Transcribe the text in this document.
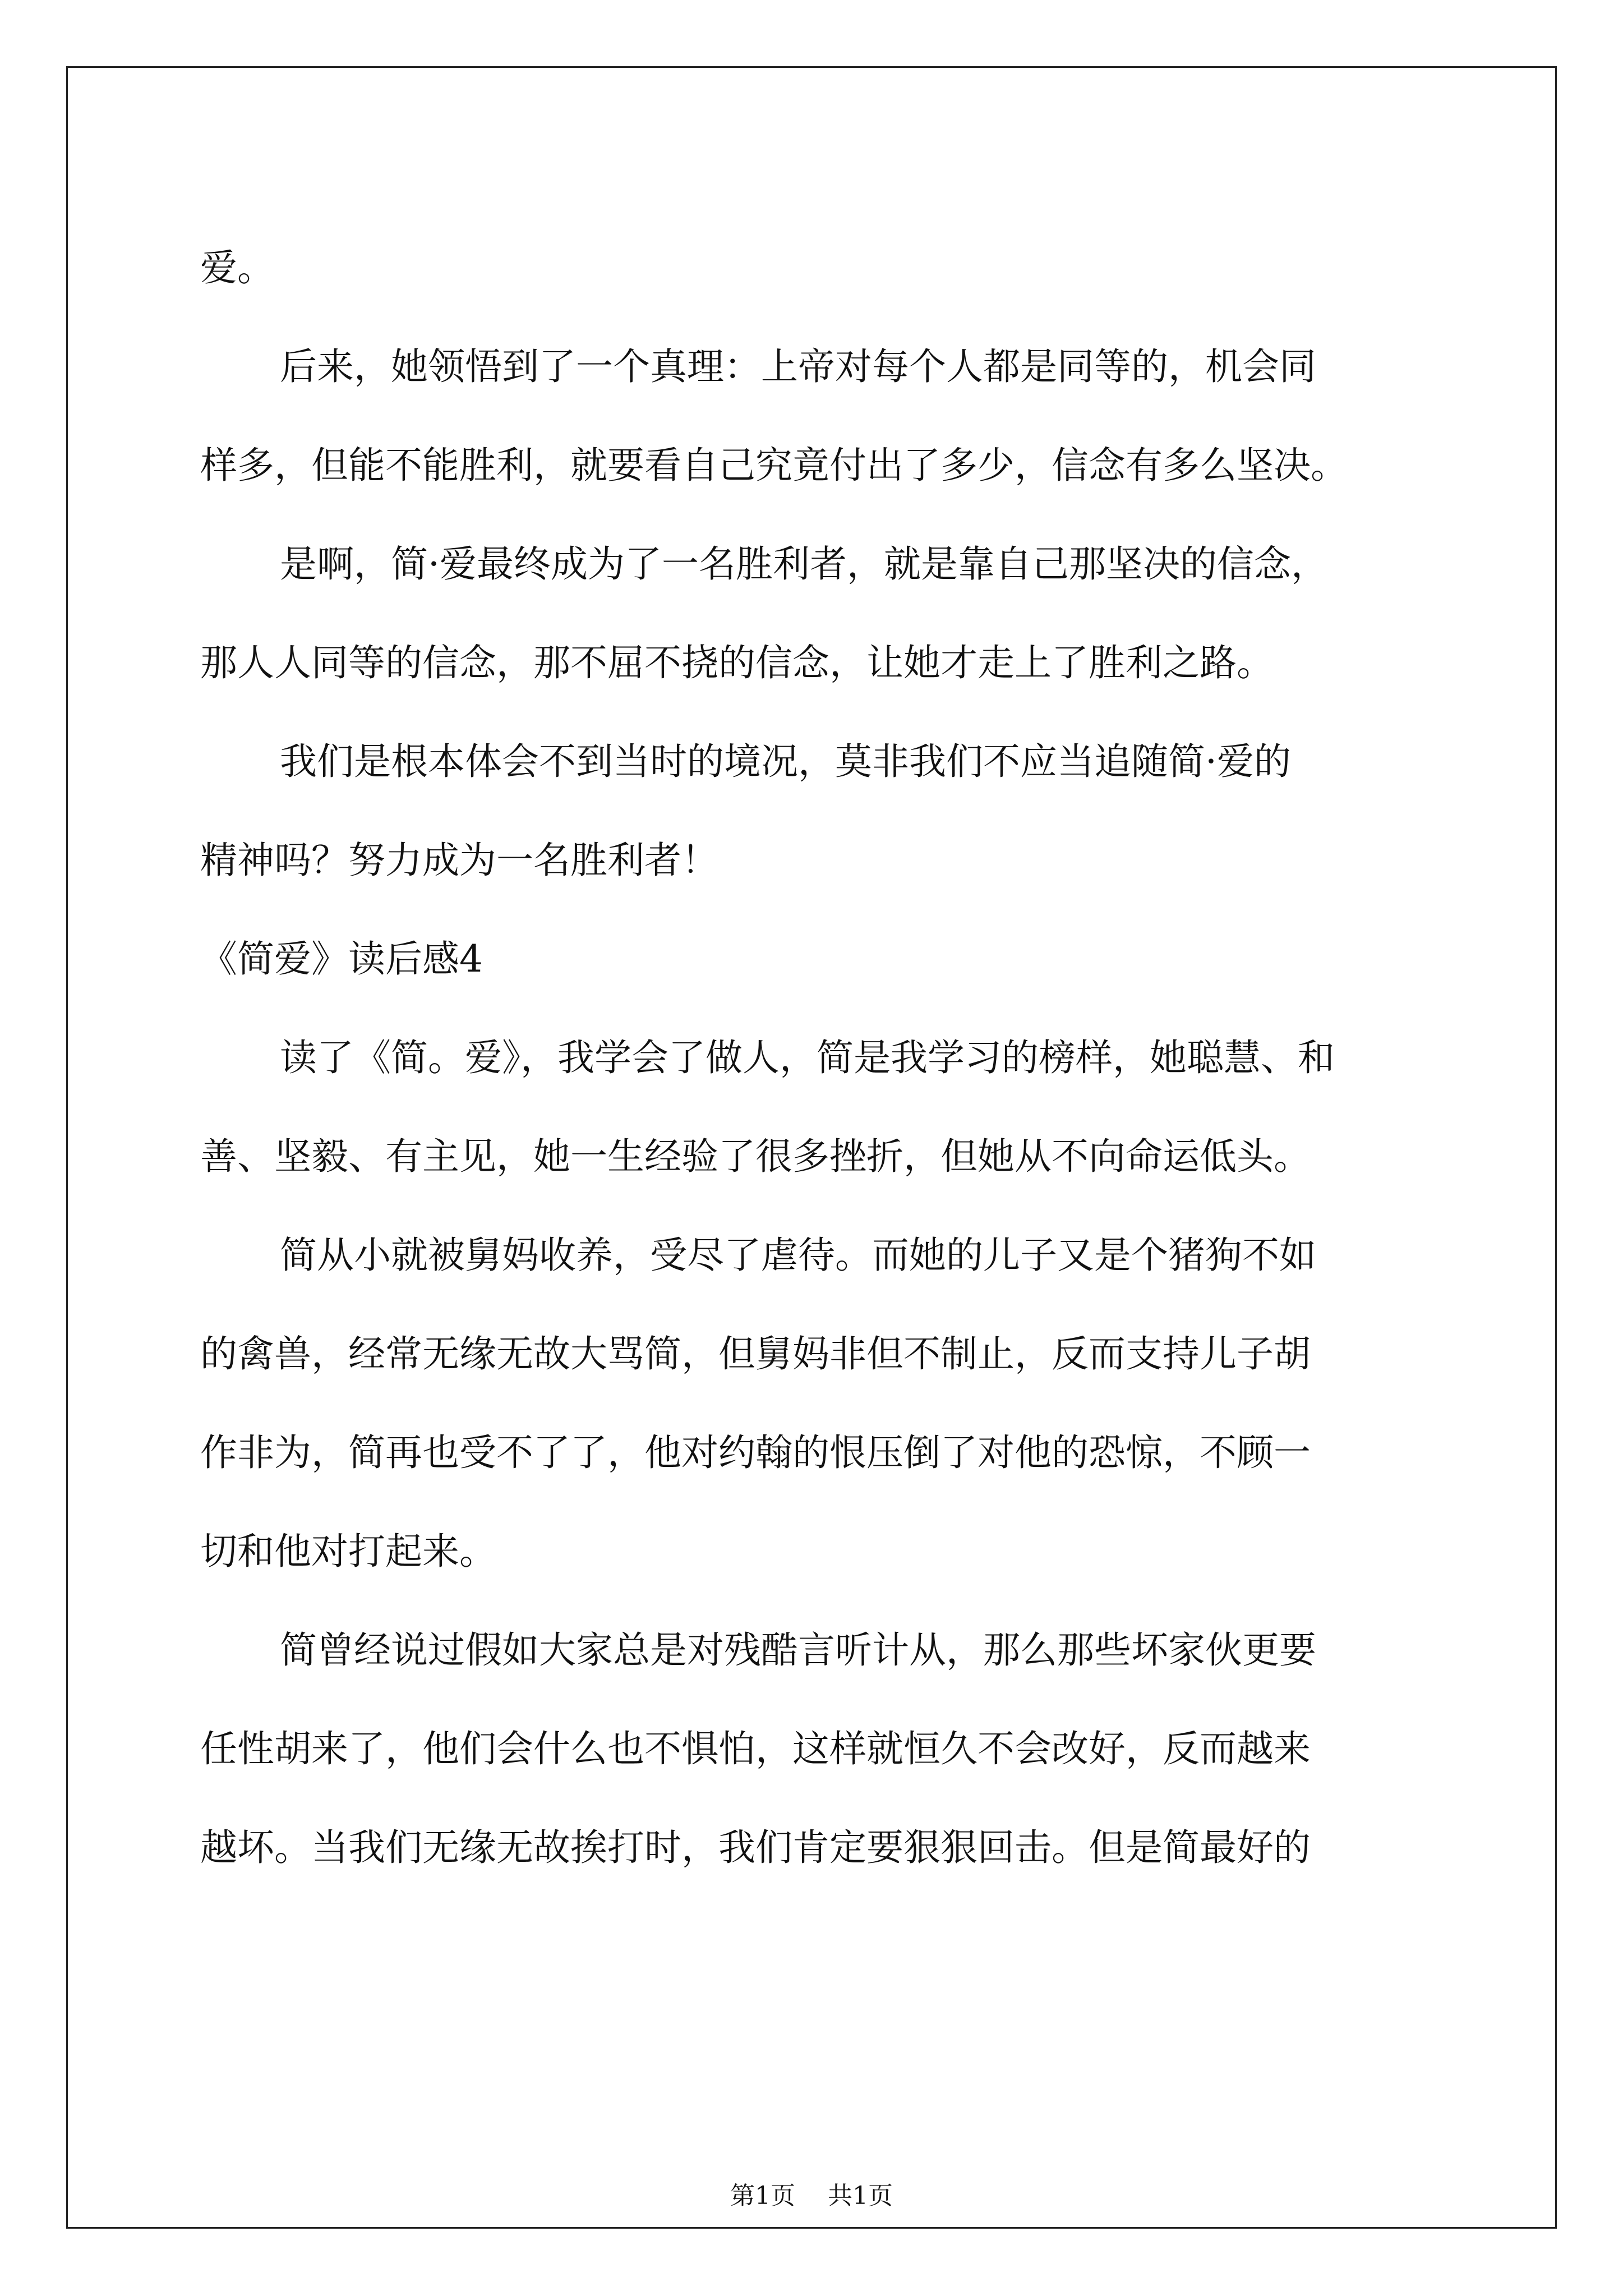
爱。

后来，她领悟到了一个真理：上帝对每个人都是同等的，机会同

样多，但能不能胜利，就要看自己究竟付出了多少，信念有多么坚决。

是啊，简·爱最终成为了一名胜利者，就是靠自己那坚决的信念，

那人人同等的信念，那不屈不挠的信念，让她才走上了胜利之路。

我们是根本体会不到当时的境况，莫非我们不应当追随简·爱的

精神吗？努力成为一名胜利者！

《简爱》读后感4

读了《简。爱》，我学会了做人，简是我学习的榜样，她聪慧、和

善、坚毅、有主见，她一生经验了很多挫折，但她从不向命运低头。

简从小就被舅妈收养，受尽了虐待。而她的儿子又是个猪狗不如

的禽兽，经常无缘无故大骂简，但舅妈非但不制止，反而支持儿子胡

作非为，简再也受不了了，他对约翰的恨压倒了对他的恐惊，不顾一

切和他对打起来。

简曾经说过假如大家总是对残酷言听计从，那么那些坏家伙更要

任性胡来了，他们会什么也不惧怕，这样就恒久不会改好，反而越来

越坏。当我们无缘无故挨打时，我们肯定要狠狠回击。但是简最好的

第1页 共1页
